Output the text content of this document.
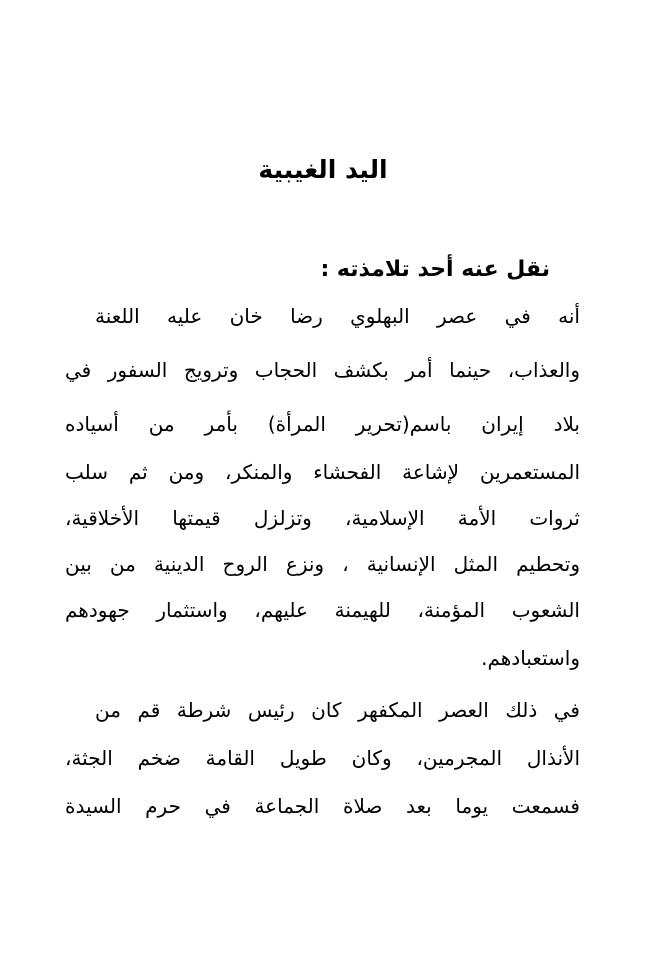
اليد الغيبية
نقل عنه أحد تلامذته :
أنه في عصر البهلوي رضا خان عليه اللعنة
والعذاب، حينما أمر بكشف الحجاب وترويج السفور في
بلاد إيران باسم(تحرير المرأة) بأمر من أسياده
المستعمرين لإشاعة الفحشاء والمنكر، ومن ثم سلب
ثروات الأمة الإسلامية، وتزلزل قيمتها الأخلاقية،
وتحطيم المثل الإنسانية ، ونزع الروح الدينية من بين
الشعوب المؤمنة، للهيمنة عليهم، واستثمار جهودهم
واستعبادهم.
في ذلك العصر المكفهر كان رئيس شرطة قم من
الأنذال المجرمين، وكان طويل القامة ضخم الجثة،
فسمعت يوما بعد صلاة الجماعة في حرم السيدة
